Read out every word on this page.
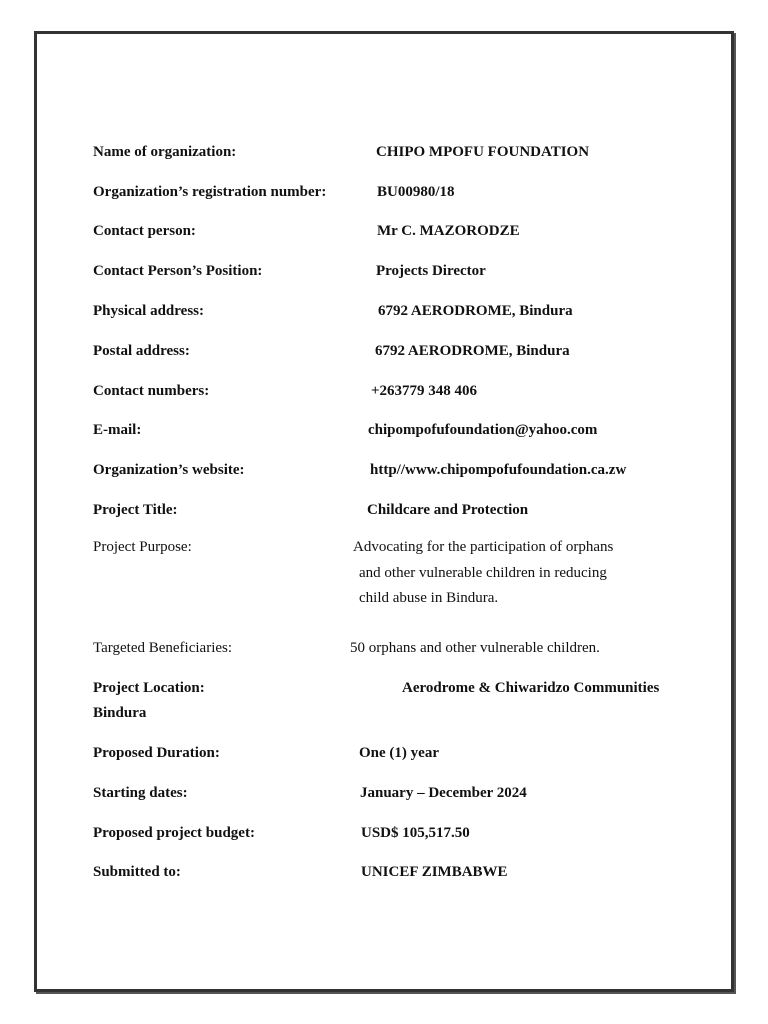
Name of organization:	CHIPO MPOFU FOUNDATION
Organization’s registration number:	BU00980/18
Contact person:	Mr C. MAZORODZE
Contact Person’s Position:	Projects Director
Physical address:	6792 AERODROME, Bindura
Postal address:	6792 AERODROME, Bindura
Contact numbers:	+263779 348 406
E-mail:	chipompofufoundation@yahoo.com
Organization’s website:	http//www.chipompofufoundation.ca.zw
Project Title:	Childcare and Protection
Project Purpose:	Advocating for the participation of orphans
and other vulnerable children in reducing
child abuse in Bindura.
Targeted Beneficiaries:	50 orphans and other vulnerable children.
Project Location:	Aerodrome & Chiwaridzo Communities
Bindura
Proposed Duration:	One (1) year
Starting dates:	January – December 2024
Proposed project budget:	USD$ 105,517.50
Submitted to:	UNICEF ZIMBABWE
